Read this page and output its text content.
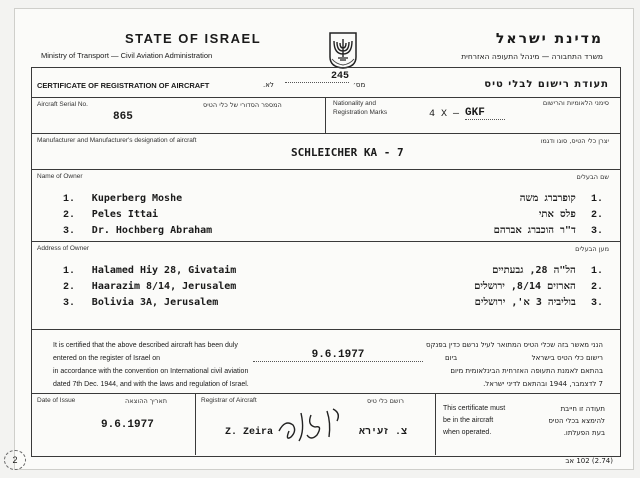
STATE OF ISRAEL
Ministry of Transport — Civil Aviation Administration
מדינת ישראל
משרד התחבורה — מינהל התעופה האזרחית
CERTIFICATE OF REGISTRATION OF AIRCRAFT	לא.
245
מס׳	תעודת רישום לבלי טיס
Aircraft Serial No.	המספר הסדורי של כלי הטיס
865
Nationality and Registration Marks
סימני הלאומיות והרישום
4 X — GKF
Manufacturer and Manufacturer's designation of aircraft	יצרן כלי הטיס, סוגו ודגמו
SCHLEICHER KA - 7
Name of Owner	שם הבעלים
1. Kuperberg Moshe
2. Peles Ittai
3. Dr. Hochberg Abraham
.1 קופרברג משה
.2 פלס אתי
.3 ד"ר הוכברג אברהם
Address of Owner	מען הבעלים
1. Halamed Hiy 28, Givataim
2. Haarazim 8/14, Jerusalem
3. Bolivia 3A, Jerusalem
.1 הל"ה 28, גבעתיים
.2 הארזים 8/14, ירושלים
.3 בוליביה 3 א', ירושלים
It is certified that the above described aircraft has been duly
entered on the register of Israel on
in accordance with the convention on International civil aviation
dated 7th Dec. 1944, and with the laws and regulation of Israel.
9.6.1977
הנני מאשר בזה שכלי הטיס המתואר לעיל נרשם כדין בפנקס
רישום כלי הטיס בישראל  ביום
בהתאם לאמנת התעופה האזרחית הבינלאומית מיום
7 לדצמבר, 1944 ובהתאם לדיני ישראל.
Date of Issue	תאריך ההוצאה
9.6.1977
Registrar of Aircraft	רושם כלי טיס
Z. Zeira	צ. זעירא
This certificate must
be in the aircraft
when operated.
תעודה זו חייבת
להימצא בכלי הטיס
בעת הפעלתו.
(2.74) 102 אב
2
